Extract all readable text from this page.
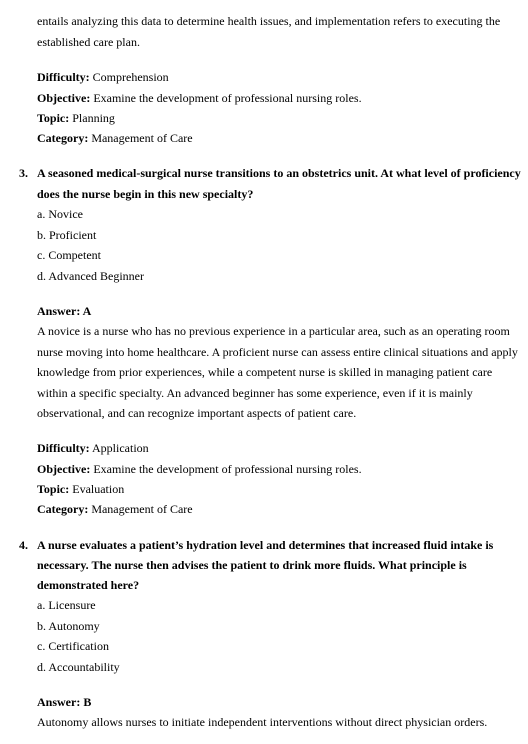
entails analyzing this data to determine health issues, and implementation refers to executing the
established care plan.
Difficulty: Comprehension
Objective: Examine the development of professional nursing roles.
Topic: Planning
Category: Management of Care
3. A seasoned medical-surgical nurse transitions to an obstetrics unit. At what level of proficiency
does the nurse begin in this new specialty?
a. Novice
b. Proficient
c. Competent
d. Advanced Beginner
Answer: A
A novice is a nurse who has no previous experience in a particular area, such as an operating room
nurse moving into home healthcare. A proficient nurse can assess entire clinical situations and apply
knowledge from prior experiences, while a competent nurse is skilled in managing patient care
within a specific specialty. An advanced beginner has some experience, even if it is mainly
observational, and can recognize important aspects of patient care.
Difficulty: Application
Objective: Examine the development of professional nursing roles.
Topic: Evaluation
Category: Management of Care
4. A nurse evaluates a patient’s hydration level and determines that increased fluid intake is
necessary. The nurse then advises the patient to drink more fluids. What principle is
demonstrated here?
a. Licensure
b. Autonomy
c. Certification
d. Accountability
Answer: B
Autonomy allows nurses to initiate independent interventions without direct physician orders.
